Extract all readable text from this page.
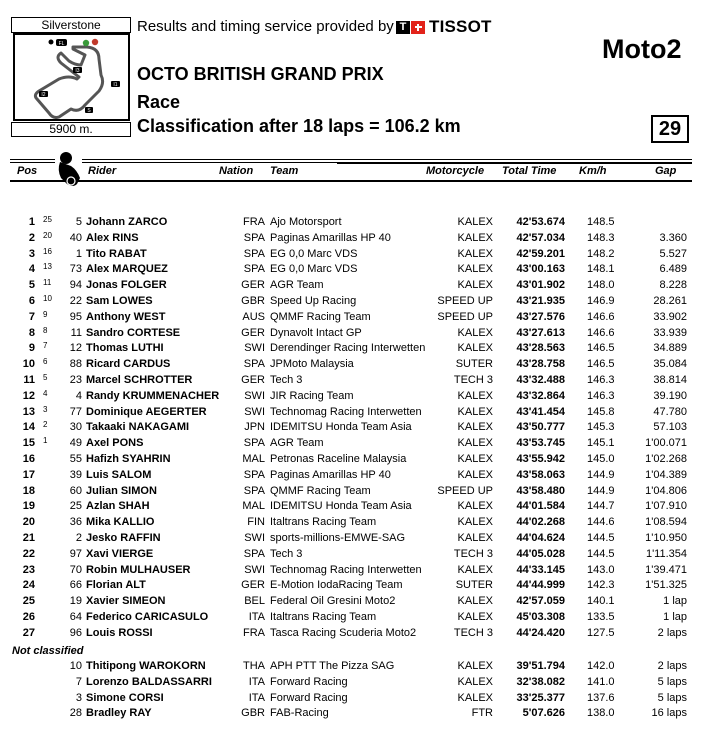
Silverstone
FL
I3
I1
I2
S
5900 m.
Results and timing service provided by T TISSOT
Moto2
OCTO BRITISH GRAND PRIX
Race
Classification after 18 laps = 106.2 km	29
Pos	Rider	Nation Team	Motorcycle Total Time Km/h	Gap
1 25 5 Johann ZARCO	FRA Ajo Motorsport	KALEX 42'53.674 148.5
2 20 40 Alex RINS	SPA Paginas Amarillas HP 40	KALEX 42'57.034 148.3	3.360
3 16 1 Tito RABAT	SPA EG 0,0 Marc VDS	KALEX 42'59.201 148.2	5.527
4 13 73 Alex MARQUEZ	SPA EG 0,0 Marc VDS	KALEX 43'00.163 148.1	6.489
5 11 94 Jonas FOLGER	GER AGR Team	KALEX 43'01.902 148.0	8.228
6 10 22 Sam LOWES	GBR Speed Up Racing	SPEED UP 43'21.935 146.9	28.261
7 9 95 Anthony WEST	AUS QMMF Racing Team	SPEED UP 43'27.576 146.6	33.902
8 8 11 Sandro CORTESE	GER Dynavolt Intact GP	KALEX 43'27.613 146.6	33.939
9 7 12 Thomas LUTHI	SWI Derendinger Racing Interwetten	KALEX 43'28.563 146.5	34.889
10 6 88 Ricard CARDUS	SPA JPMoto Malaysia	SUTER 43'28.758 146.5	35.084
11 5 23 Marcel SCHROTTER	GER Tech 3	TECH 3 43'32.488 146.3	38.814
12 4	4 Randy KRUMMENACHER SWI JIR Racing Team	KALEX 43'32.864 146.3	39.190
13 3 77 Dominique AEGERTER	SWI Technomag Racing Interwetten	KALEX 43'41.454 145.8	47.780
14 2 30 Takaaki NAKAGAMI	JPN IDEMITSU Honda Team Asia	KALEX 43'50.777 145.3	57.103
15 1 49 Axel PONS	SPA AGR Team	KALEX 43'53.745 145.1	1'00.071
16	55 Hafizh SYAHRIN	MAL Petronas Raceline Malaysia	KALEX 43'55.942 145.0	1'02.268
17	39 Luis SALOM	SPA Paginas Amarillas HP 40	KALEX 43'58.063 144.9	1'04.389
18	60 Julian SIMON	SPA QMMF Racing Team	SPEED UP 43'58.480 144.9	1'04.806
19	25 Azlan SHAH	MAL IDEMITSU Honda Team Asia	KALEX 44'01.584 144.7	1'07.910
20	36 Mika KALLIO	FIN Italtrans Racing Team	KALEX 44'02.268 144.6	1'08.594
21	2 Jesko RAFFIN	SWI sports-millions-EMWE-SAG	KALEX 44'04.624 144.5	1'10.950
22	97 Xavi VIERGE	SPA Tech 3	TECH 3 44'05.028 144.5	1'11.354
23	70 Robin MULHAUSER	SWI Technomag Racing Interwetten	KALEX 44'33.145 143.0	1'39.471
24	66 Florian ALT	GER E-Motion IodaRacing Team	SUTER 44'44.999 142.3	1'51.325
25	19 Xavier SIMEON	BEL Federal Oil Gresini Moto2	KALEX 42'57.059 140.1	1 lap
26	64 Federico CARICASULO	ITA Italtrans Racing Team	KALEX 45'03.308 133.5	1 lap
27	96 Louis ROSSI	FRA Tasca Racing Scuderia Moto2	TECH 3 44'24.420 127.5	2 laps
Not classified
10 Thitipong WAROKORN	THA APH PTT The Pizza SAG	KALEX 39'51.794 142.0	2 laps
7 Lorenzo BALDASSARRI	ITA Forward Racing	KALEX 32'38.082 141.0	5 laps
3 Simone CORSI	ITA Forward Racing	KALEX 33'25.377 137.6	5 laps
28 Bradley RAY	GBR FAB-Racing	FTR	5'07.626 138.0	16 laps
